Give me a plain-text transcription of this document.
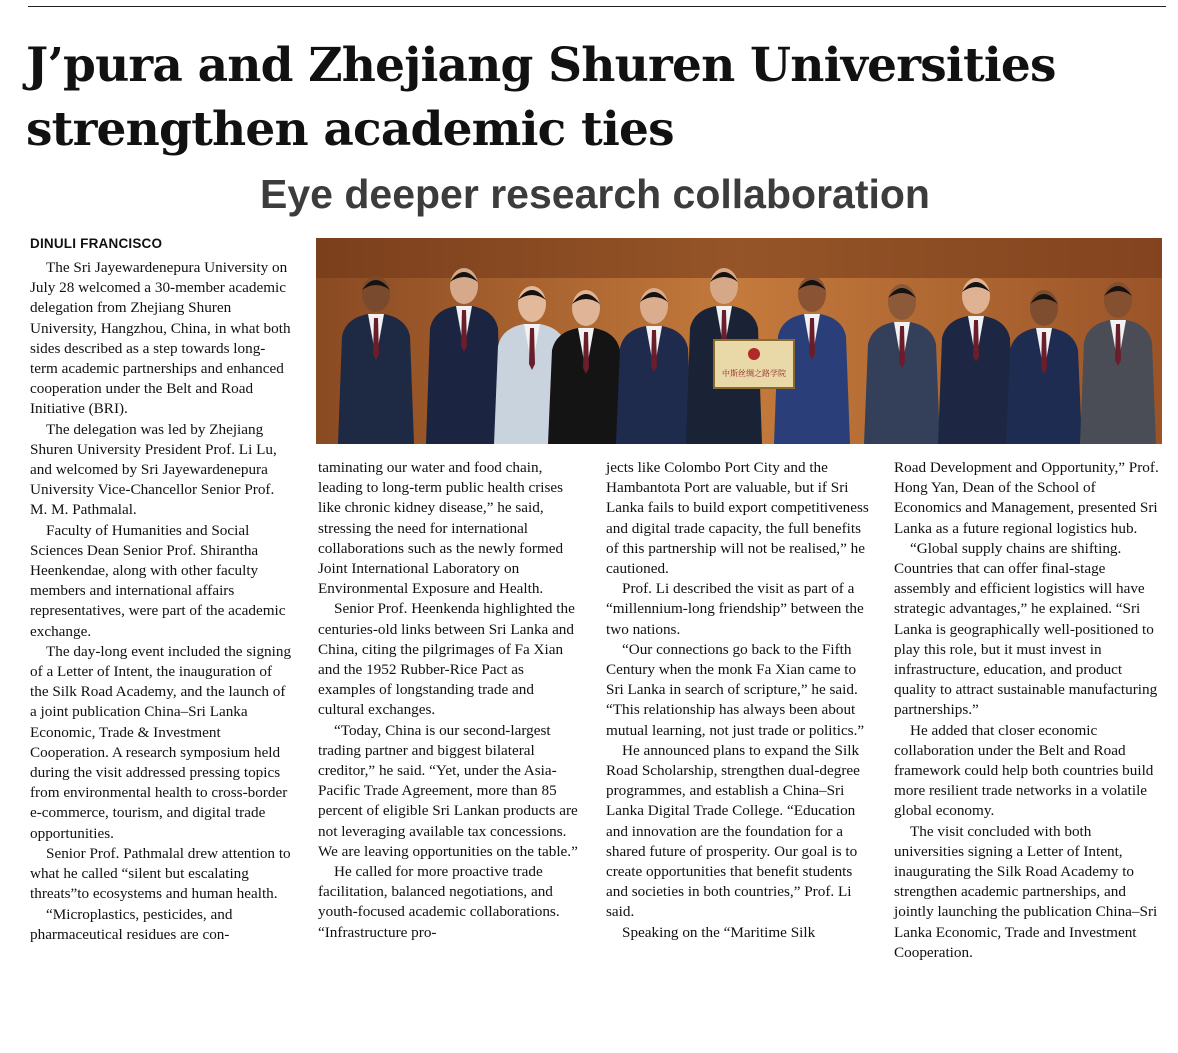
J’pura and Zhejiang Shuren Universities
strengthen academic ties
Eye deeper research collaboration
DINULI FRANCISCO
中斯丝绸之路学院

The Sri Jayewardenepura University on July 28 welcomed a 30-member academic delegation from Zhejiang Shuren University, Hangzhou, China, in what both sides described as a step towards long-term academic partnerships and enhanced cooperation under the Belt and Road Initiative (BRI).

The delegation was led by Zhejiang Shuren University President Prof. Li Lu, and welcomed by Sri Jayewardenepura University Vice-Chancellor Senior Prof. M. M. Pathmalal.

Faculty of Humanities and Social Sciences Dean Senior Prof. Shirantha Heenkendae, along with other faculty members and international affairs representatives, were part of the academic exchange.

The day-long event included the signing of a Letter of Intent, the inauguration of the Silk Road Academy, and the launch of a joint publication China–Sri Lanka Economic, Trade & Investment Cooperation. A research symposium held during the visit addressed pressing topics from environmental health to cross-border e-commerce, tourism, and digital trade opportunities.

Senior Prof. Pathmalal drew attention to what he called “silent but escalating threats”to ecosystems and human health.

“Microplastics, pesticides, and pharmaceutical residues are con-

taminating our water and food chain, leading to long-term public health crises like chronic kidney disease,” he said, stressing the need for international collaborations such as the newly formed Joint International Laboratory on Environmental Exposure and Health.

Senior Prof. Heenkenda highlighted the centuries-old links between Sri Lanka and China, citing the pilgrimages of Fa Xian and the 1952 Rubber-Rice Pact as examples of longstanding trade and cultural exchanges.

“Today, China is our second-largest trading partner and biggest bilateral creditor,” he said. “Yet, under the Asia-Pacific Trade Agreement, more than 85 percent of eligible Sri Lankan products are not leveraging available tax concessions. We are leaving opportunities on the table.”

He called for more proactive trade facilitation, balanced negotiations, and youth-focused academic collaborations. “Infrastructure pro-

jects like Colombo Port City and the Hambantota Port are valuable, but if Sri Lanka fails to build export competitiveness and digital trade capacity, the full benefits of this partnership will not be realised,” he cautioned.

Prof. Li described the visit as part of a “millennium-long friendship” between the two nations.

“Our connections go back to the Fifth Century when the monk Fa Xian came to Sri Lanka in search of scripture,” he said. “This relationship has always been about mutual learning, not just trade or politics.”

He announced plans to expand the Silk Road Scholarship, strengthen dual-degree programmes, and establish a China–Sri Lanka Digital Trade College. “Education and innovation are the foundation for a shared future of prosperity. Our goal is to create opportunities that benefit students and societies in both countries,” Prof. Li said.

Speaking on the “Maritime Silk

Road Development and Opportunity,” Prof. Hong Yan, Dean of the School of Economics and Management, presented Sri Lanka as a future regional logistics hub.

“Global supply chains are shifting. Countries that can offer final-stage assembly and efficient logistics will have strategic advantages,” he explained. “Sri Lanka is geographically well-positioned to play this role, but it must invest in infrastructure, education, and product quality to attract sustainable manufacturing partnerships.”

He added that closer economic collaboration under the Belt and Road framework could help both countries build more resilient trade networks in a volatile global economy.

The visit concluded with both universities signing a Letter of Intent, inaugurating the Silk Road Academy to strengthen academic partnerships, and jointly launching the publication China–Sri Lanka Economic, Trade and Investment Cooperation.
